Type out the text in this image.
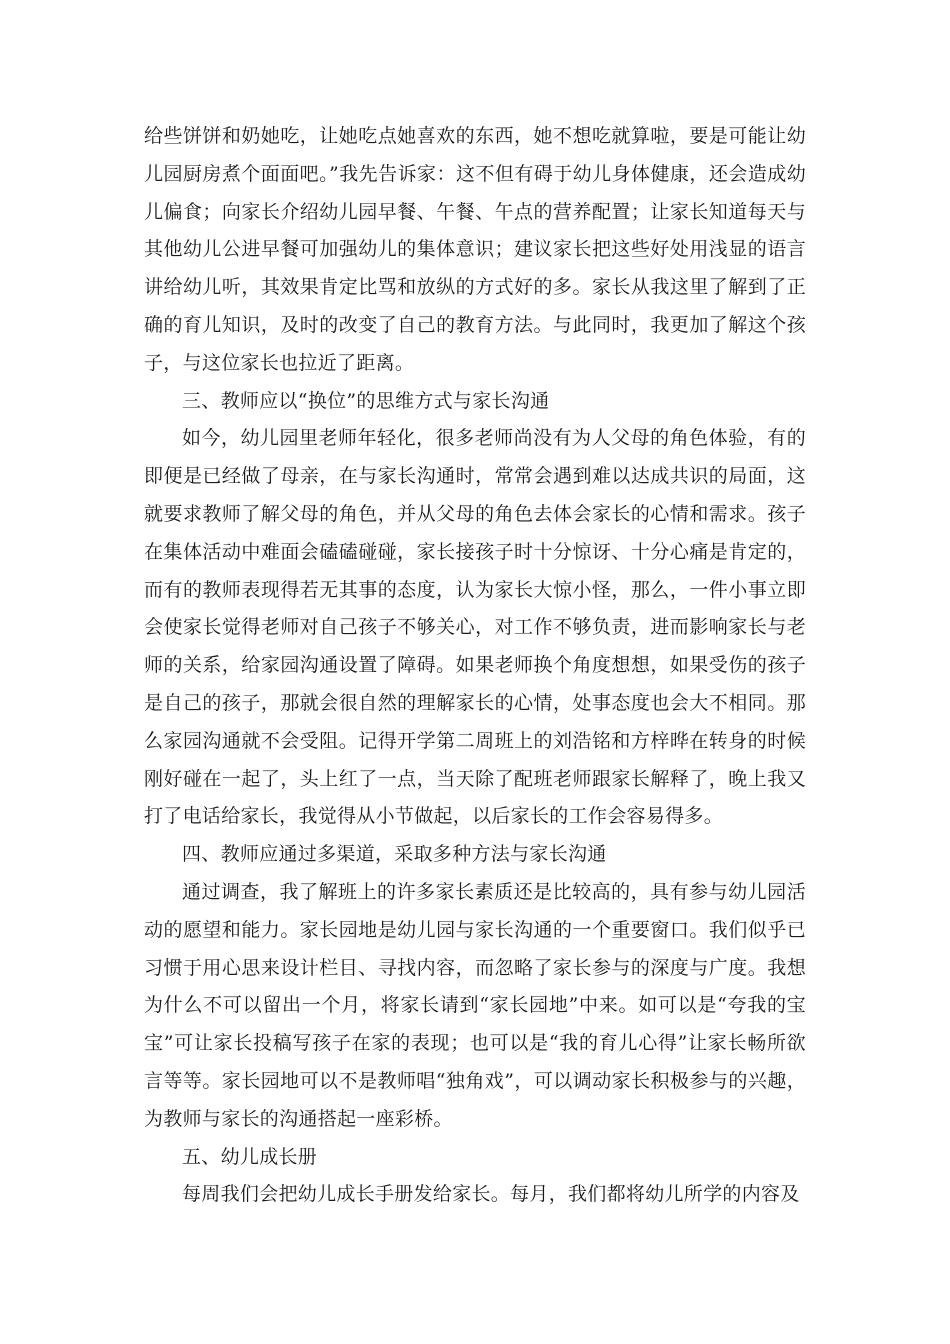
给些饼饼和奶她吃，让她吃点她喜欢的东西，她不想吃就算啦，要是可能让幼儿园厨房煮个面面吧。”我先告诉家：这不但有碍于幼儿身体健康，还会造成幼儿偏食；向家长介绍幼儿园早餐、午餐、午点的营养配置；让家长知道每天与其他幼儿公进早餐可加强幼儿的集体意识；建议家长把这些好处用浅显的语言讲给幼儿听，其效果肯定比骂和放纵的方式好的多。家长从我这里了解到了正确的育儿知识，及时的改变了自己的教育方法。与此同时，我更加了解这个孩子，与这位家长也拉近了距离。

三、教师应以“换位”的思维方式与家长沟通

如今，幼儿园里老师年轻化，很多老师尚没有为人父母的角色体验，有的即便是已经做了母亲，在与家长沟通时，常常会遇到难以达成共识的局面，这就要求教师了解父母的角色，并从父母的角色去体会家长的心情和需求。孩子在集体活动中难面会磕磕碰碰，家长接孩子时十分惊讶、十分心痛是肯定的，而有的教师表现得若无其事的态度，认为家长大惊小怪，那么，一件小事立即会使家长觉得老师对自己孩子不够关心，对工作不够负责，进而影响家长与老师的关系，给家园沟通设置了障碍。如果老师换个角度想想，如果受伤的孩子是自己的孩子，那就会很自然的理解家长的心情，处事态度也会大不相同。那么家园沟通就不会受阻。记得开学第二周班上的刘浩铭和方梓晔在转身的时候刚好碰在一起了，头上红了一点，当天除了配班老师跟家长解释了，晚上我又打了电话给家长，我觉得从小节做起，以后家长的工作会容易得多。

四、教师应通过多渠道，采取多种方法与家长沟通

通过调查，我了解班上的许多家长素质还是比较高的，具有参与幼儿园活动的愿望和能力。家长园地是幼儿园与家长沟通的一个重要窗口。我们似乎已习惯于用心思来设计栏目、寻找内容，而忽略了家长参与的深度与广度。我想为什么不可以留出一个月，将家长请到“家长园地”中来。如可以是“夸我的宝宝”可让家长投稿写孩子在家的表现；也可以是“我的育儿心得”让家长畅所欲言等等。家长园地可以不是教师唱“独角戏”，可以调动家长积极参与的兴趣，为教师与家长的沟通搭起一座彩桥。

五、幼儿成长册

每周我们会把幼儿成长手册发给家长。每月，我们都将幼儿所学的内容及
